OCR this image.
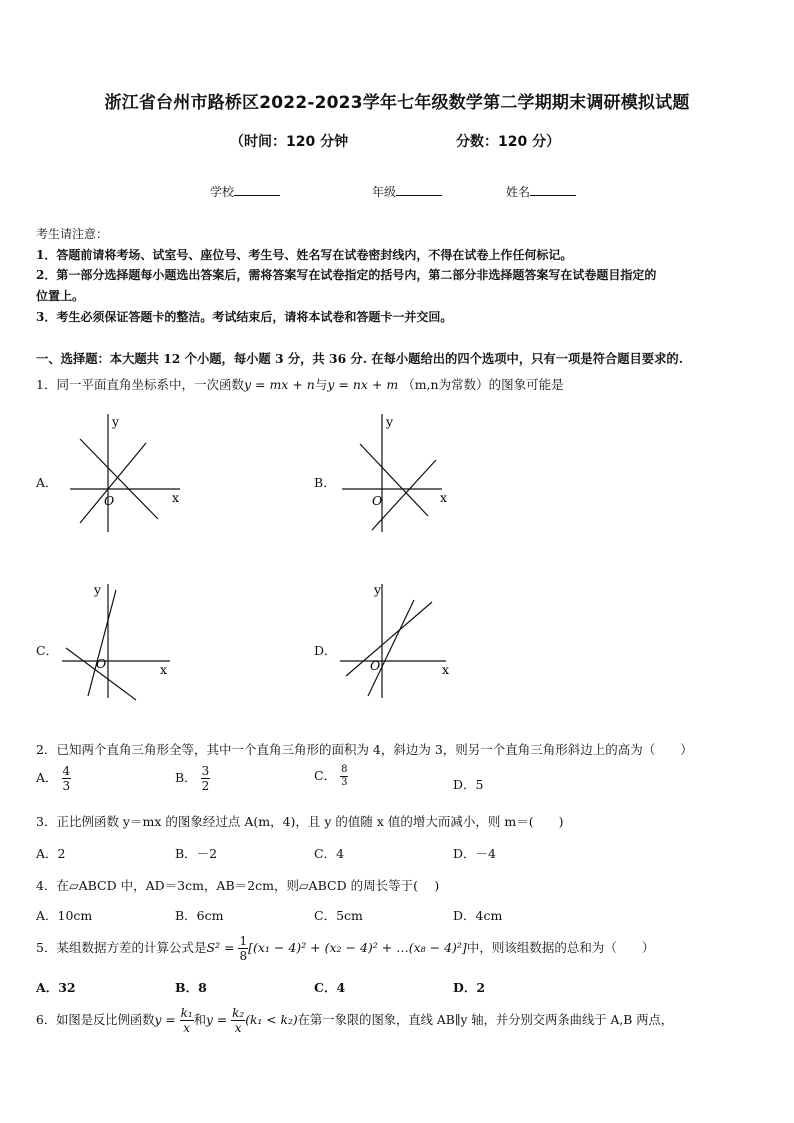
浙江省台州市路桥区2022-2023学年七年级数学第二学期期末调研模拟试题
（时间：120 分钟	分数：120 分）
学校	年级	姓名
考生请注意：
1．答题前请将考场、试室号、座位号、考生号、姓名写在试卷密封线内，不得在试卷上作任何标记。
2．第一部分选择题每小题选出答案后，需将答案写在试卷指定的括号内，第二部分非选择题答案写在试卷题目指定的
位置上。
3．考生必须保证答题卡的整洁。考试结束后，请将本试卷和答题卡一并交回。
一、选择题：本大题共 12 个小题，每小题 3 分，共 36 分. 在每小题给出的四个选项中，只有一项是符合题目要求的.
1．同一平面直角坐标系中，一次函数y = mx + n与y = nx + m （m,n为常数）的图象可能是
A．	B．
C．	D．
x
y
O	x
y
O
x
y
O	x
y
O
2．已知两个直角三角形全等，其中一个直角三角形的面积为 4，斜边为 3，则另一个直角三角形斜边上的高为（　　）
A． $\frac{4}{3}$	B． $\frac{3}{2}$	C． $\frac{8}{3}$	D．5
3．正比例函数 y＝mx 的图象经过点 A(m，4)，且 y 的值随 x 值的增大而减小，则 m＝(　　)
A．2	B．－2	C．4	D．－4
4．在▱ABCD 中，AD＝3cm，AB＝2cm，则▱ABCD 的周长等于(　 )
A．10cm	B．6cm	C．5cm	D．4cm
5．某组数据方差的计算公式是$S^2 = \frac{1}{8} [(x_1 - 4)^2 + (x_2 - 4)^2$ + …(x₈ − 4)²]中，则该组数据的总和为（　　）
A．32	B．8	C．4	D．2
6．如图是反比例函数$y = \frac{\text{k₁}}{x}$ 和$y = \frac{\text{k₂}}{x} (k_1 < k_2)$在第一象限的图象，直线 AB∥y 轴，并分别交两条曲线于 A,B 两点，
